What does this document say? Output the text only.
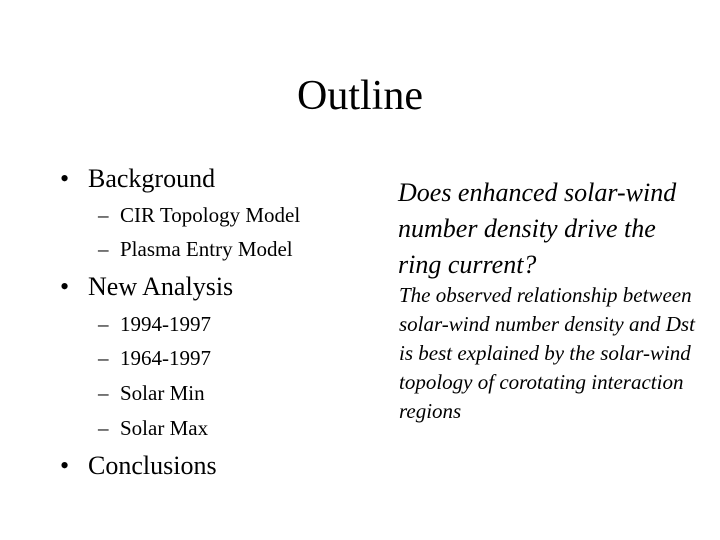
Outline
• Background
– CIR Topology Model
– Plasma Entry Model
• New Analysis
– 1994-1997
– 1964-1997
– Solar Min
– Solar Max
• Conclusions
Does enhanced solar-wind number density drive the ring current?
The observed relationship between solar-wind number density and Dst is best explained by the solar-wind topology of corotating interaction regions
